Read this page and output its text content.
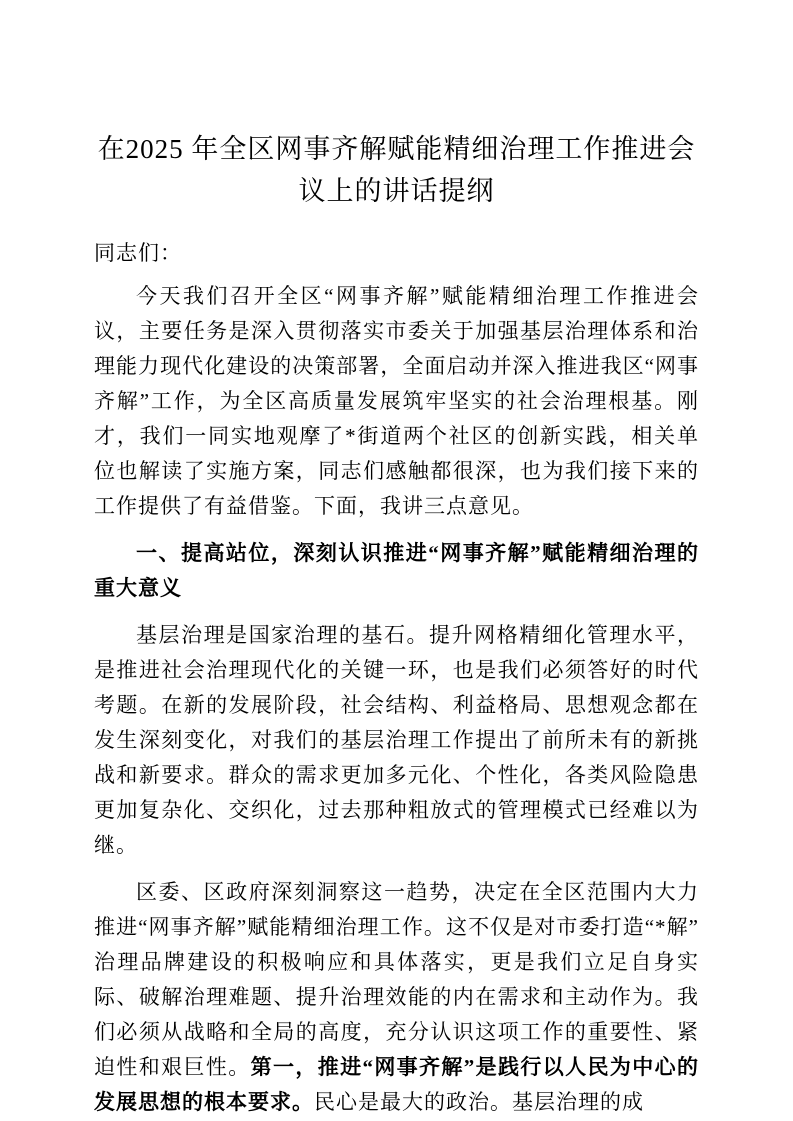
在2025 年全区网事齐解赋能精细治理工作推进会议上的讲话提纲

同志们：

今天我们召开全区“网事齐解”赋能精细治理工作推进会议，主要任务是深入贯彻落实市委关于加强基层治理体系和治理能力现代化建设的决策部署，全面启动并深入推进我区“网事齐解”工作，为全区高质量发展筑牢坚实的社会治理根基。刚才，我们一同实地观摩了*街道两个社区的创新实践，相关单位也解读了实施方案，同志们感触都很深，也为我们接下来的工作提供了有益借鉴。下面，我讲三点意见。

一、提高站位，深刻认识推进“网事齐解”赋能精细治理的重大意义

基层治理是国家治理的基石。提升网格精细化管理水平，是推进社会治理现代化的关键一环，也是我们必须答好的时代考题。在新的发展阶段，社会结构、利益格局、思想观念都在发生深刻变化，对我们的基层治理工作提出了前所未有的新挑战和新要求。群众的需求更加多元化、个性化，各类风险隐患更加复杂化、交织化，过去那种粗放式的管理模式已经难以为继。

区委、区政府深刻洞察这一趋势，决定在全区范围内大力推进“网事齐解”赋能精细治理工作。这不仅是对市委打造“*解”治理品牌建设的积极响应和具体落实，更是我们立足自身实际、破解治理难题、提升治理效能的内在需求和主动作为。我们必须从战略和全局的高度，充分认识这项工作的重要性、紧迫性和艰巨性。第一，推进“网事齐解”是践行以人民为中心的发展思想的根本要求。民心是最大的政治。基层治理的成
